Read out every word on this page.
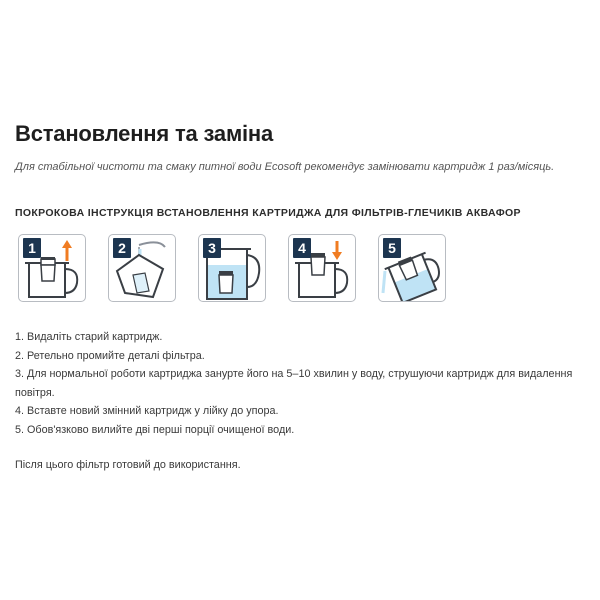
Встановлення та заміна

Для стабільної чистоти та смаку питної води Ecosoft рекомендує замінювати картридж 1 раз/місяць.

ПОКРОКОВА ІНСТРУКЦІЯ ВСТАНОВЛЕННЯ КАРТРИДЖА ДЛЯ ФІЛЬТРІВ-ГЛЕЧИКІВ АКВАФОР
1	2	3	4	5
1. Видаліть старий картридж.
2. Ретельно промийте деталі фільтра.
3. Для нормальної роботи картриджа занурте його на 5–10 хвилин у воду, струшуючи картридж для видалення повітря.
4. Вставте новий змінний картридж у лійку до упора.
5. Обов'язково вилийте дві перші порції очищеної води.

Після цього фільтр готовий до використання.
